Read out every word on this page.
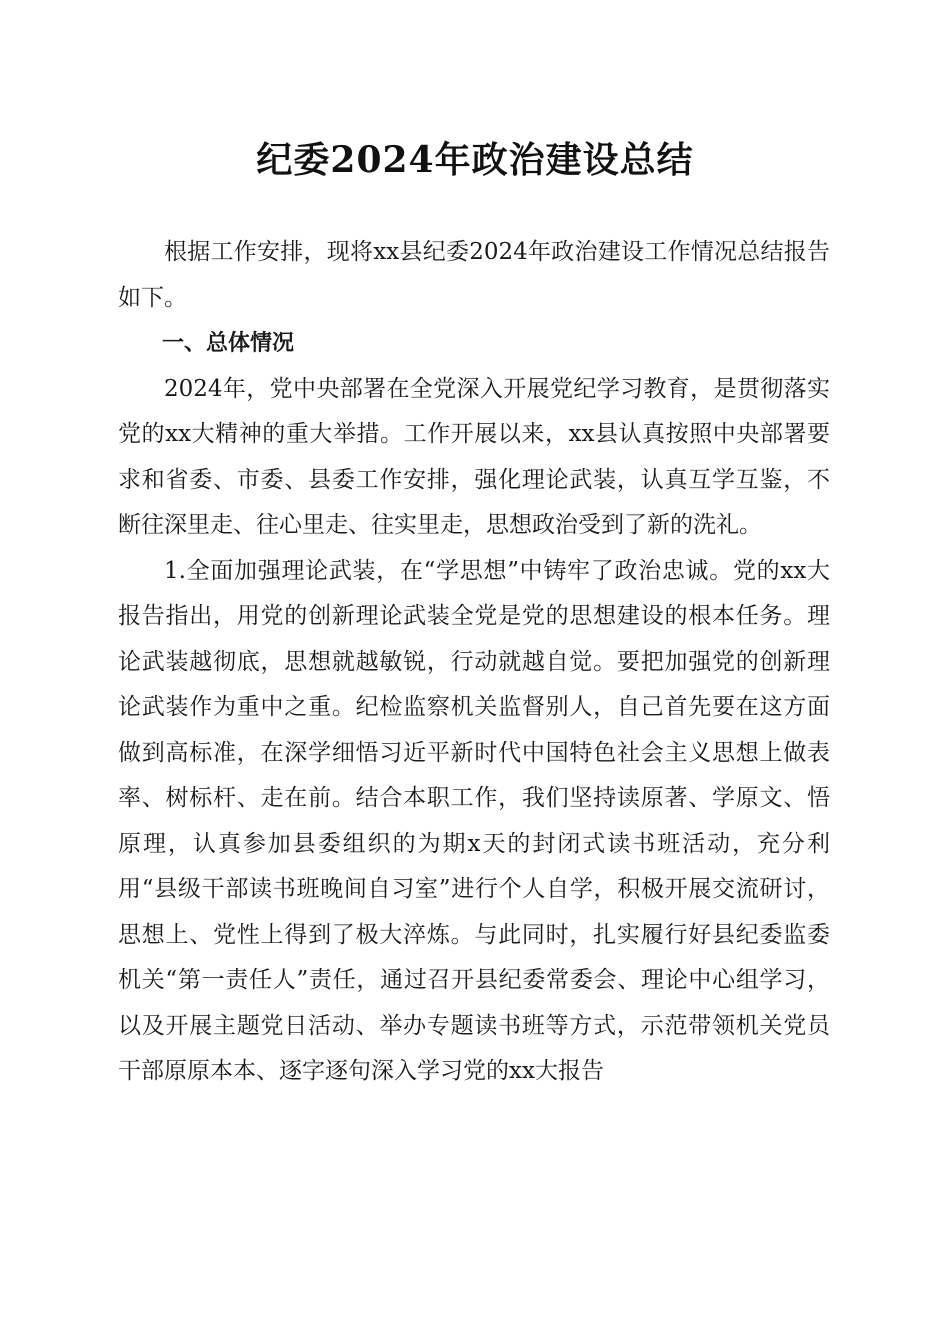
纪委2024年政治建设总结

根据工作安排，现将xx县纪委2024年政治建设工作情况总结报告如下。

一、总体情况

2024年，党中央部署在全党深入开展党纪学习教育，是贯彻落实党的xx大精神的重大举措。工作开展以来，xx县认真按照中央部署要求和省委、市委、县委工作安排，强化理论武装，认真互学互鉴，不断往深里走、往心里走、往实里走，思想政治受到了新的洗礼。

1.全面加强理论武装，在“学思想”中铸牢了政治忠诚。党的xx大报告指出，用党的创新理论武装全党是党的思想建设的根本任务。理论武装越彻底，思想就越敏锐，行动就越自觉。要把加强党的创新理论武装作为重中之重。纪检监察机关监督别人，自己首先要在这方面做到高标准，在深学细悟习近平新时代中国特色社会主义思想上做表率、树标杆、走在前。结合本职工作，我们坚持读原著、学原文、悟原理，认真参加县委组织的为期x天的封闭式读书班活动，充分利用“县级干部读书班晚间自习室”进行个人自学，积极开展交流研讨，思想上、党性上得到了极大淬炼。与此同时，扎实履行好县纪委监委机关“第一责任人”责任，通过召开县纪委常委会、理论中心组学习，以及开展主题党日活动、举办专题读书班等方式，示范带领机关党员干部原原本本、逐字逐句深入学习党的xx大报告
